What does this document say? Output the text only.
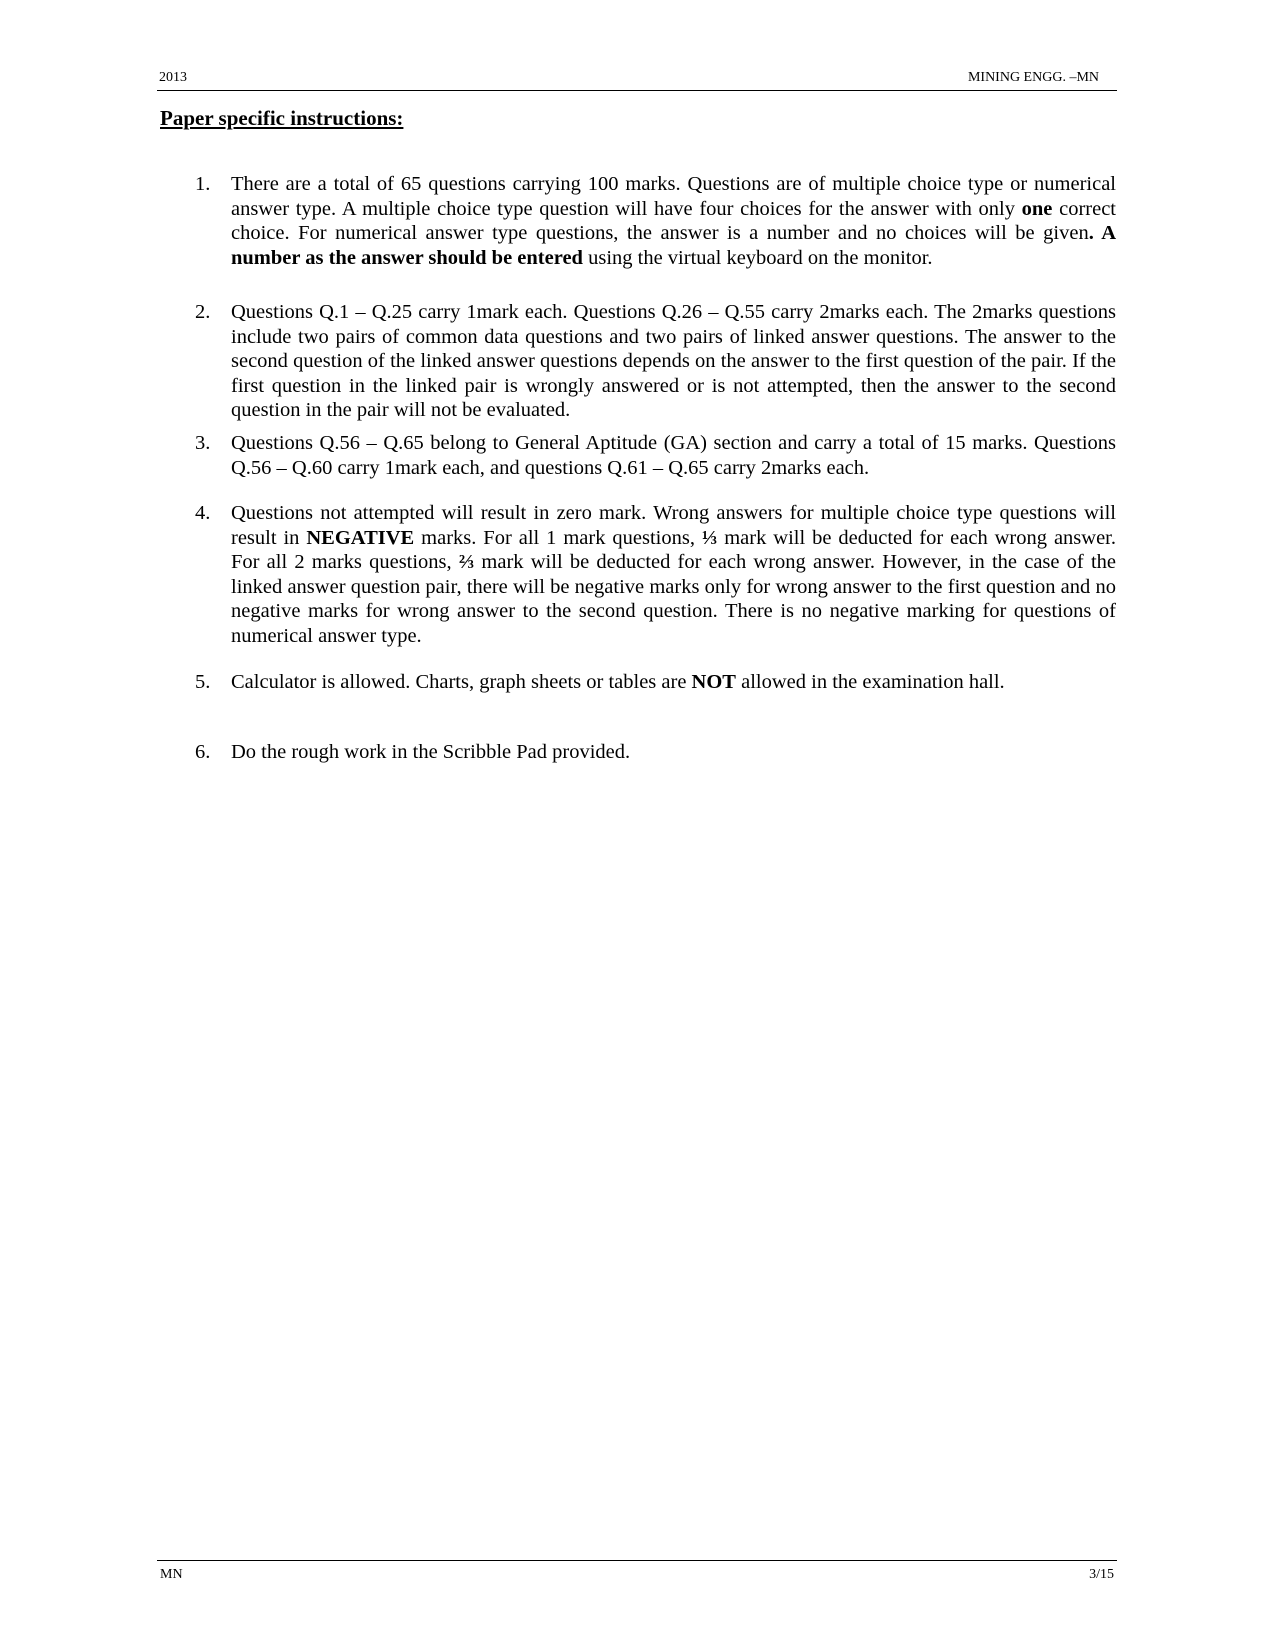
2013	MINING ENGG. –MN
Paper specific instructions:
1.	There are a total of 65 questions carrying 100 marks. Questions are of multiple choice type or numerical answer type. A multiple choice type question will have four choices for the answer with only one correct choice. For numerical answer type questions, the answer is a number and no choices will be given. A number as the answer should be entered using the virtual keyboard on the monitor.
2.	Questions Q.1 – Q.25 carry 1mark each. Questions Q.26 – Q.55 carry 2marks each. The 2marks questions include two pairs of common data questions and two pairs of linked answer questions. The answer to the second question of the linked answer questions depends on the answer to the first question of the pair. If the first question in the linked pair is wrongly answered or is not attempted, then the answer to the second question in the pair will not be evaluated.
3.	Questions Q.56 – Q.65 belong to General Aptitude (GA) section and carry a total of 15 marks. Questions Q.56 – Q.60 carry 1mark each, and questions Q.61 – Q.65 carry 2marks each.
4.	Questions not attempted will result in zero mark. Wrong answers for multiple choice type questions will result in NEGATIVE marks. For all 1 mark questions, ⅓ mark will be deducted for each wrong answer. For all 2 marks questions, ⅔ mark will be deducted for each wrong answer. However, in the case of the linked answer question pair, there will be negative marks only for wrong answer to the first question and no negative marks for wrong answer to the second question. There is no negative marking for questions of numerical answer type.
5.	Calculator is allowed. Charts, graph sheets or tables are NOT allowed in the examination hall.
6.	Do the rough work in the Scribble Pad provided.
MN	3/15
